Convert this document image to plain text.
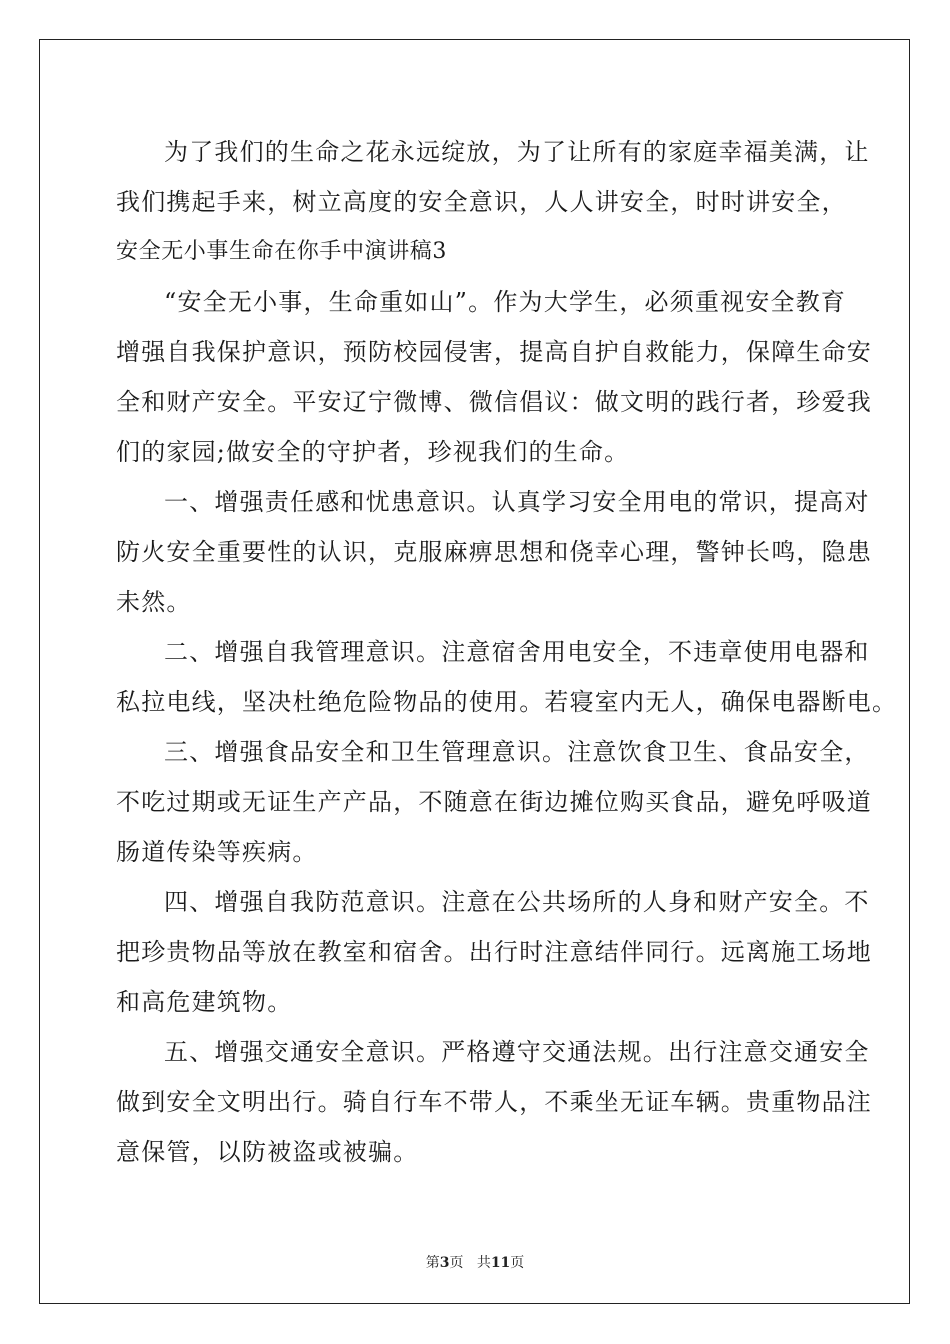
为了我们的生命之花永远绽放，为了让所有的家庭幸福美满，让
我们携起手来，树立高度的安全意识，人人讲安全，时时讲安全，
安全无小事生命在你手中演讲稿3
“安全无小事，生命重如山”。作为大学生，必须重视安全教育
增强自我保护意识，预防校园侵害，提高自护自救能力，保障生命安
全和财产安全。平安辽宁微博、微信倡议：做文明的践行者，珍爱我
们的家园;做安全的守护者，珍视我们的生命。
一、增强责任感和忧患意识。认真学习安全用电的常识，提高对
防火安全重要性的认识，克服麻痹思想和侥幸心理，警钟长鸣，隐患
未然。
二、增强自我管理意识。注意宿舍用电安全，不违章使用电器和
私拉电线，坚决杜绝危险物品的使用。若寝室内无人，确保电器断电。
三、增强食品安全和卫生管理意识。注意饮食卫生、食品安全，
不吃过期或无证生产产品，不随意在街边摊位购买食品，避免呼吸道
肠道传染等疾病。
四、增强自我防范意识。注意在公共场所的人身和财产安全。不
把珍贵物品等放在教室和宿舍。出行时注意结伴同行。远离施工场地
和高危建筑物。
五、增强交通安全意识。严格遵守交通法规。出行注意交通安全
做到安全文明出行。骑自行车不带人，不乘坐无证车辆。贵重物品注
意保管，以防被盗或被骗。
第3页 共11页
